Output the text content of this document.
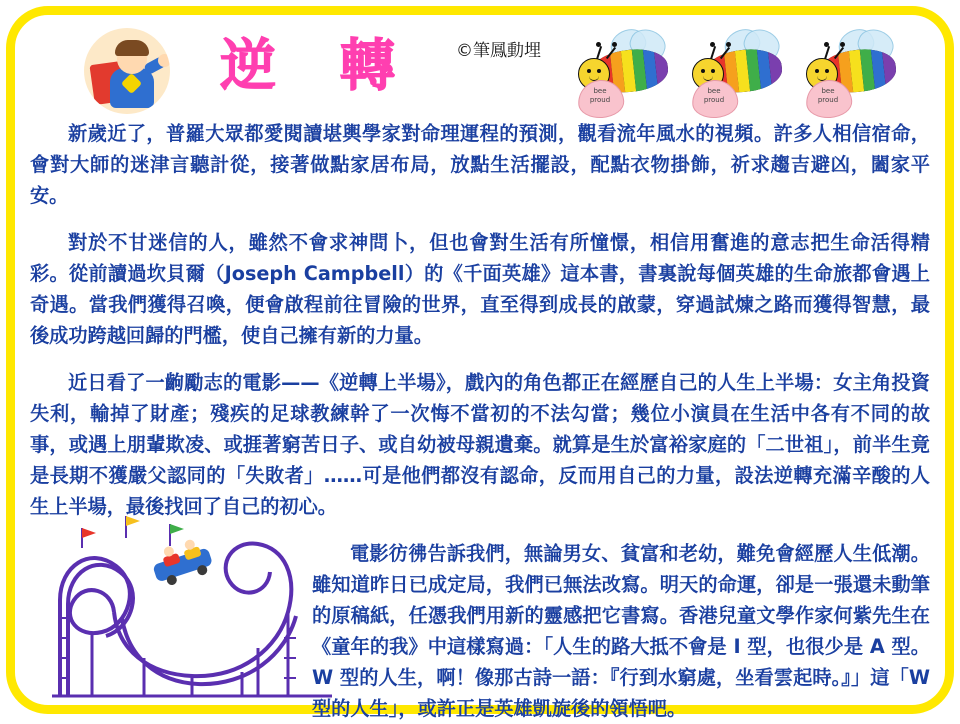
逆 轉 ©筆鳳動埋
bee
proud
bee
proud
bee
proud

新歲近了，普羅大眾都愛閱讀堪輿學家對命理運程的預測，觀看流年風水的視頻。許多人相信宿命，會對大師的迷津言聽計從，接著做點家居布局，放點生活擺設，配點衣物掛飾，祈求趨吉避凶，闔家平安。

對於不甘迷信的人，雖然不會求神問卜，但也會對生活有所憧憬，相信用奮進的意志把生命活得精彩。從前讀過坎貝爾（Joseph Campbell）的《千面英雄》這本書，書裏說每個英雄的生命旅都會遇上奇遇。當我們獲得召喚，便會啟程前往冒險的世界，直至得到成長的啟蒙，穿過試煉之路而獲得智慧，最後成功跨越回歸的門檻，使自己擁有新的力量。

近日看了一齣勵志的電影——《逆轉上半場》，戲內的角色都正在經歷自己的人生上半場：女主角投資失利，輸掉了財產；殘疾的足球教練幹了一次悔不當初的不法勾當；幾位小演員在生活中各有不同的故事，或遇上朋輩欺凌、或捱著窮苦日子、或自幼被母親遺棄。就算是生於富裕家庭的「二世祖」，前半生竟是長期不獲嚴父認同的「失敗者」……可是他們都沒有認命，反而用自己的力量，設法逆轉充滿辛酸的人生上半場，最後找回了自己的初心。

電影彷彿告訴我們，無論男女、貧富和老幼，難免會經歷人生低潮。雖知道昨日已成定局，我們已無法改寫。明天的命運，卻是一張還未動筆的原稿紙，任憑我們用新的靈感把它書寫。香港兒童文學作家何紫先生在《童年的我》中這樣寫過：「人生的路大抵不會是 I 型，也很少是 A 型。W 型的人生，啊！像那古詩一語：『行到水窮處，坐看雲起時。』」這「W 型的人生」，或許正是英雄凱旋後的領悟吧。
